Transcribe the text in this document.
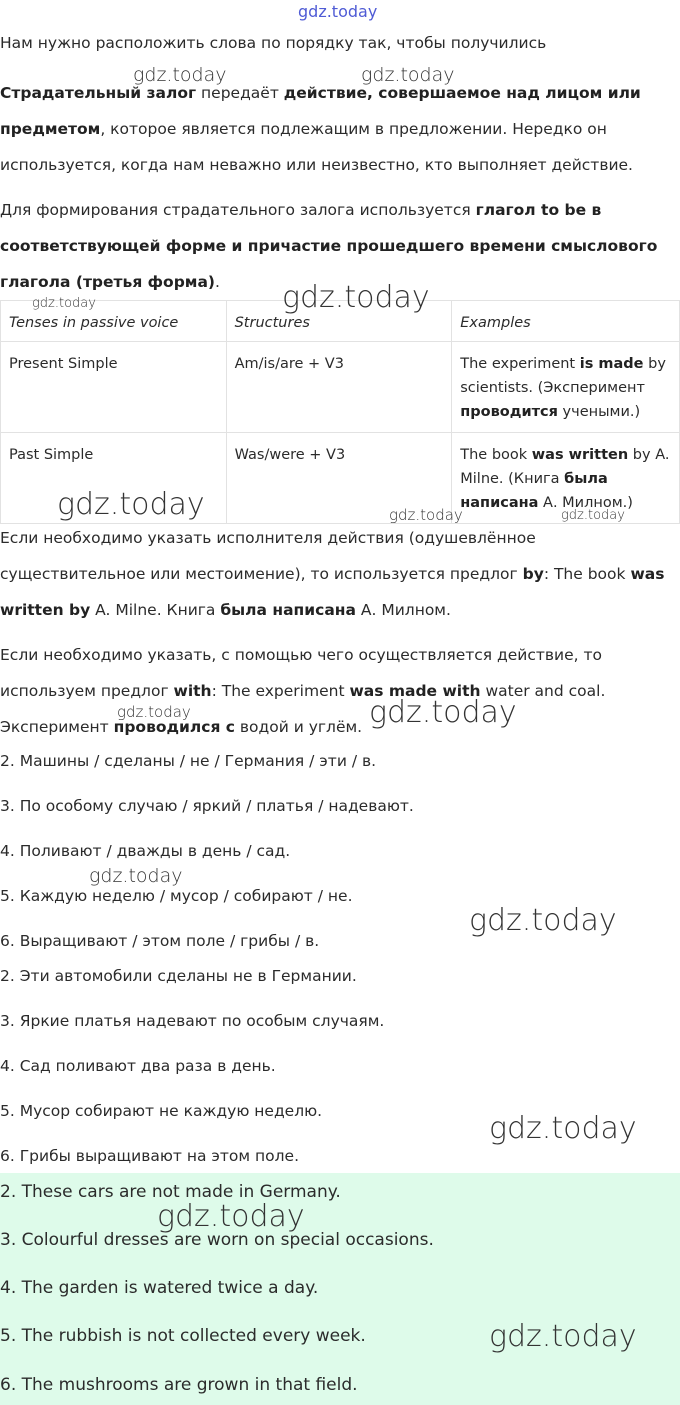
gdz.today
Нам нужно расположить слова по порядку так, чтобы получились
Страдательный залог передаёт действие, совершаемое над лицом или предметом, которое является подлежащим в предложении. Нередко он используется, когда нам неважно или неизвестно, кто выполняет действие.
Для формирования страдательного залога используется глагол to be в соответствующей форме и причастие прошедшего времени смыслового глагола (третья форма).
Tenses in passive voice	Structures	Examples
Present Simple	Am/is/are + V3	The experiment is made by scientists. (Эксперимент проводится учеными.)
Past Simple	Was/were + V3	The book was written by A. Milne. (Книга была написана А. Милном.)
Если необходимо указать исполнителя действия (одушевлённое существительное или местоимение), то используется предлог by: The book was written by A. Milne. Книга была написана А. Милном.
Если необходимо указать, с помощью чего осуществляется действие, то используем предлог with: The experiment was made with water and coal. Эксперимент проводился с водой и углём.
2. Машины / сделаны / не / Германия / эти / в.
3. По особому случаю / яркий / платья / надевают.
4. Поливают / дважды в день / сад.
5. Каждую неделю / мусор / собирают / не.
6. Выращивают / этом поле / грибы / в.
2. Эти автомобили сделаны не в Германии.
3. Яркие платья надевают по особым случаям.
4. Сад поливают два раза в день.
5. Мусор собирают не каждую неделю.
6. Грибы выращивают на этом поле.
2. These cars are not made in Germany.
3. Colourful dresses are worn on special occasions.
4. The garden is watered twice a day.
5. The rubbish is not collected every week.
6. The mushrooms are grown in that field.
gdz.today	gdz.today
gdz.today
gdz.today
gdz.today	gdz.today	gdz.today
gdz.today
gdz.today
gdz.today
gdz.today
gdz.today
gdz.today
gdz.today
